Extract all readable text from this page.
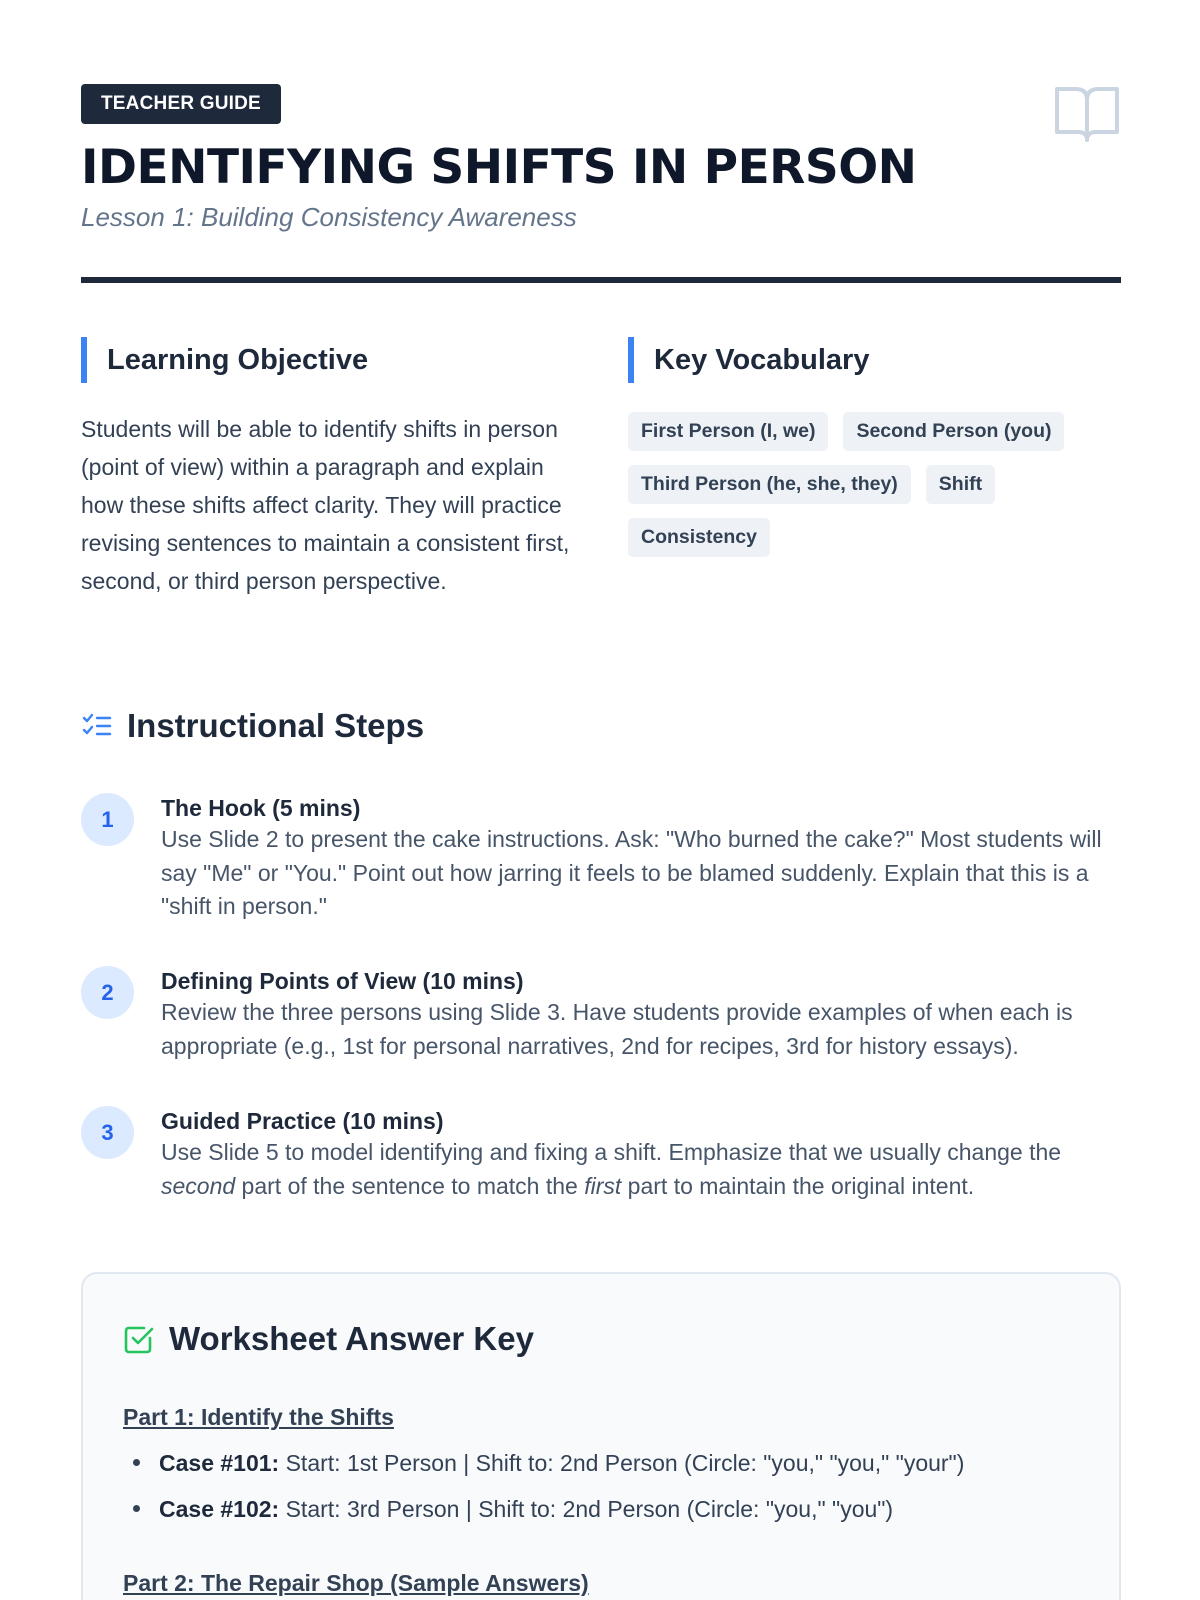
TEACHER GUIDE
IDENTIFYING SHIFTS IN PERSON
Lesson 1: Building Consistency Awareness
Learning Objective

Students will be able to identify shifts in person (point of view) within a paragraph and explain how these shifts affect clarity. They will practice revising sentences to maintain a consistent first, second, or third person perspective.

Key Vocabulary
First Person (I, we)	Second Person (you)
Third Person (he, she, they)	Shift
Consistency
Instructional Steps
1	The Hook (5 mins)
Use Slide 2 to present the cake instructions. Ask: "Who burned the cake?" Most students will say "Me" or "You." Point out how jarring it feels to be blamed suddenly. Explain that this is a "shift in person."
2	Defining Points of View (10 mins)
Review the three persons using Slide 3. Have students provide examples of when each is appropriate (e.g., 1st for personal narratives, 2nd for recipes, 3rd for history essays).
3	Guided Practice (10 mins)
Use Slide 5 to model identifying and fixing a shift. Emphasize that we usually change the second part of the sentence to match the first part to maintain the original intent.
Worksheet Answer Key
Part 1: Identify the Shifts
Case #101: Start: 1st Person | Shift to: 2nd Person (Circle: "you," "you," "your")
Case #102: Start: 3rd Person | Shift to: 2nd Person (Circle: "you," "you")
Part 2: The Repair Shop (Sample Answers)
